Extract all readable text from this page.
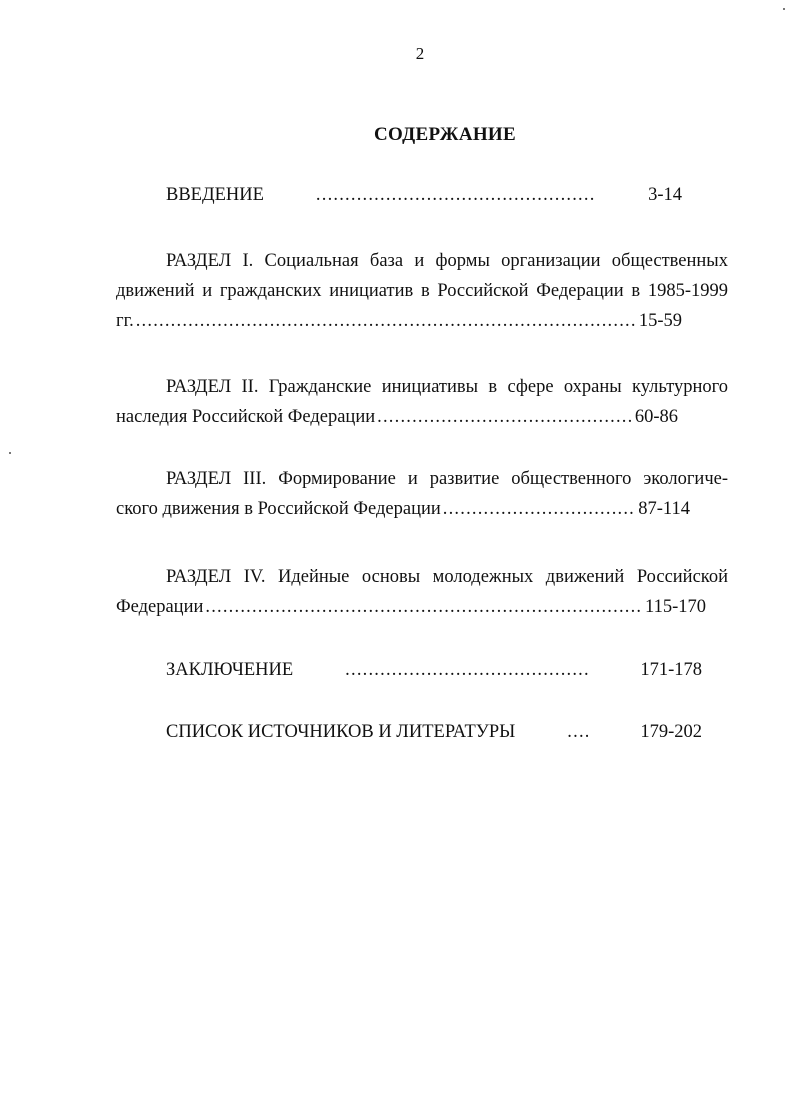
2
СОДЕРЖАНИЕ
ВВЕДЕНИЕ .....	3-14
РАЗДЕЛ I. Социальная база и формы организации общественных
движений и гражданских инициатив в Российской Федерации в 1985-1999
гг. .....	15-59
РАЗДЕЛ II. Гражданские инициативы в сфере охраны культурного
наследия Российской Федерации .....	60-86
РАЗДЕЛ III. Формирование и развитие общественного экологиче-
ского движения в Российской Федерации .....	87-114
РАЗДЕЛ IV. Идейные основы молодежных движений Российской
Федерации .....	115-170
ЗАКЛЮЧЕНИЕ .....	171-178
СПИСОК ИСТОЧНИКОВ И ЛИТЕРАТУРЫ .....	179-202
